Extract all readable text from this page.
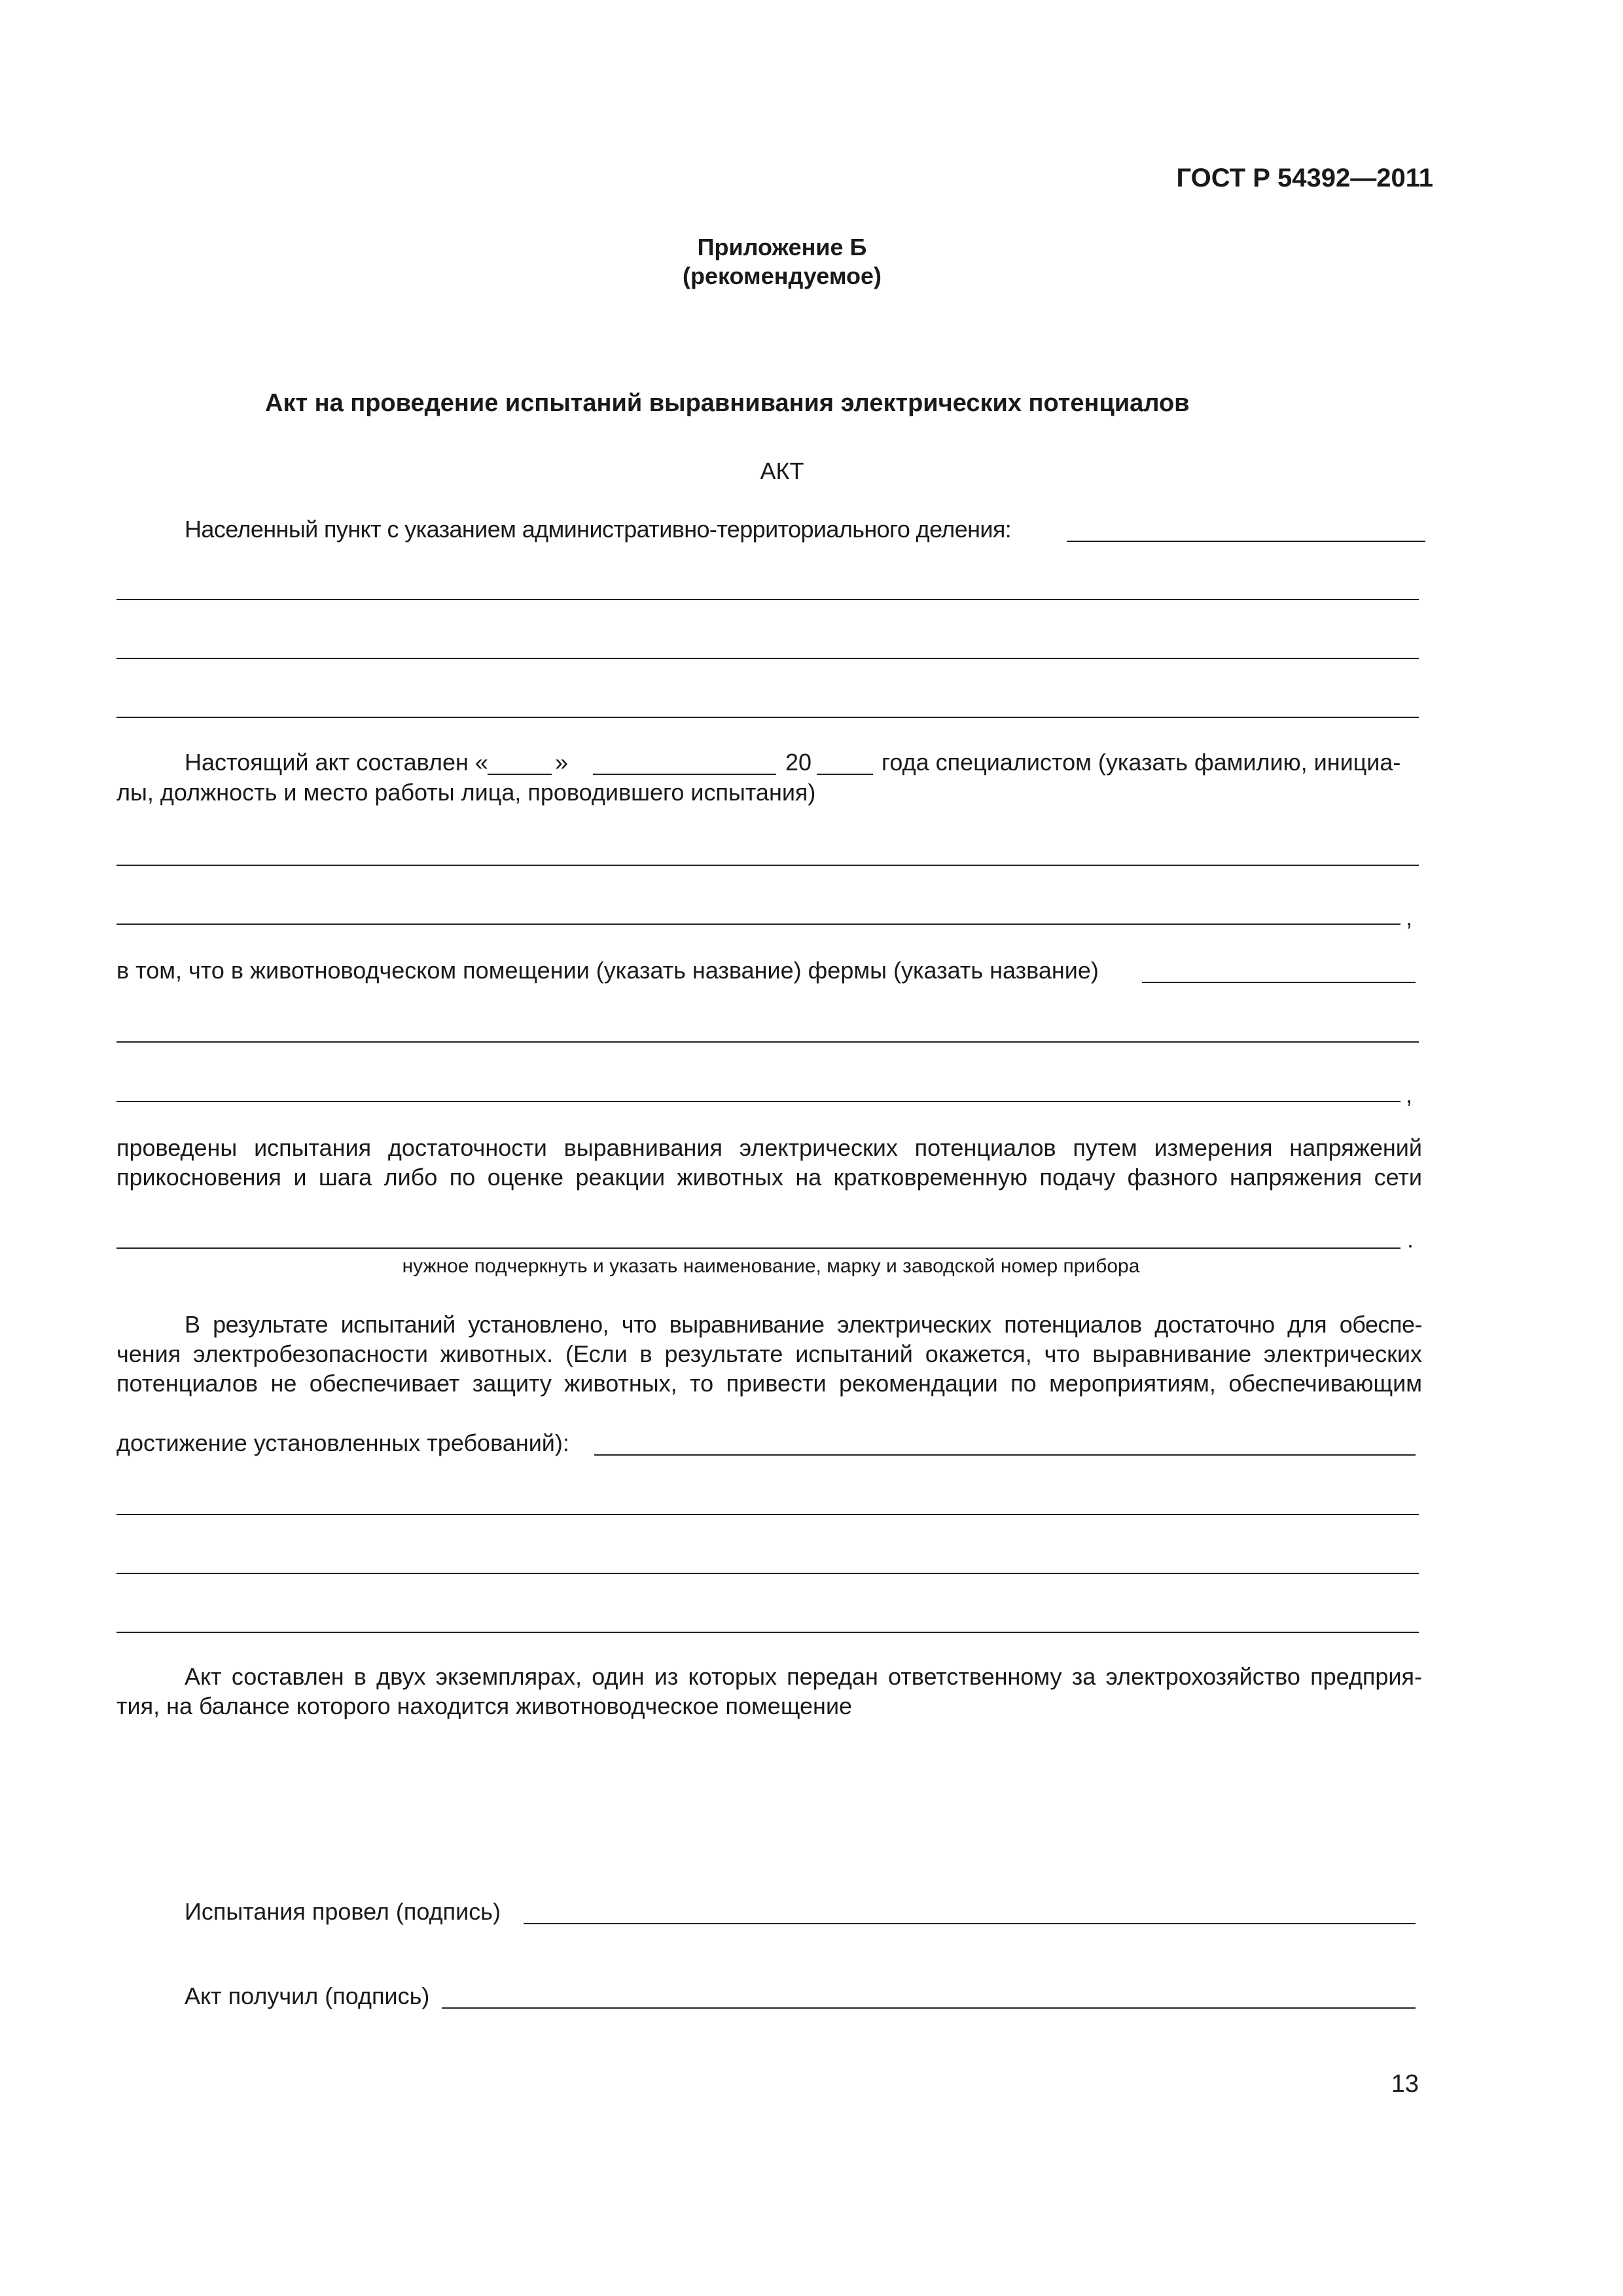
ГОСТ Р 54392—2011
Приложение Б
(рекомендуемое)
Акт на проведение испытаний выравнивания электрических потенциалов
АКТ
Населенный пункт с указанием административно-территориального деления:
Настоящий акт составлен «	»	20	года специалистом (указать фамилию, инициа-
лы, должность и место работы лица, проводившего испытания)
,
в том, что в животноводческом помещении (указать название) фермы (указать название)
,
проведены испытания достаточности выравнивания электрических потенциалов путем измерения напряжений
прикосновения и шага либо по оценке реакции животных на кратковременную подачу фазного напряжения сети
.
нужное подчеркнуть и указать наименование, марку и заводской номер прибора
В результате испытаний установлено, что выравнивание электрических потенциалов достаточно для обеспе-
чения электробезопасности животных. (Если в результате испытаний окажется, что выравнивание электрических
потенциалов не обеспечивает защиту животных, то привести рекомендации по мероприятиям, обеспечивающим
достижение установленных требований):
Акт составлен в двух экземплярах, один из которых передан ответственному за электрохозяйство предприя-
тия, на балансе которого находится животноводческое помещение
Испытания провел (подпись)
Акт получил (подпись)
13
